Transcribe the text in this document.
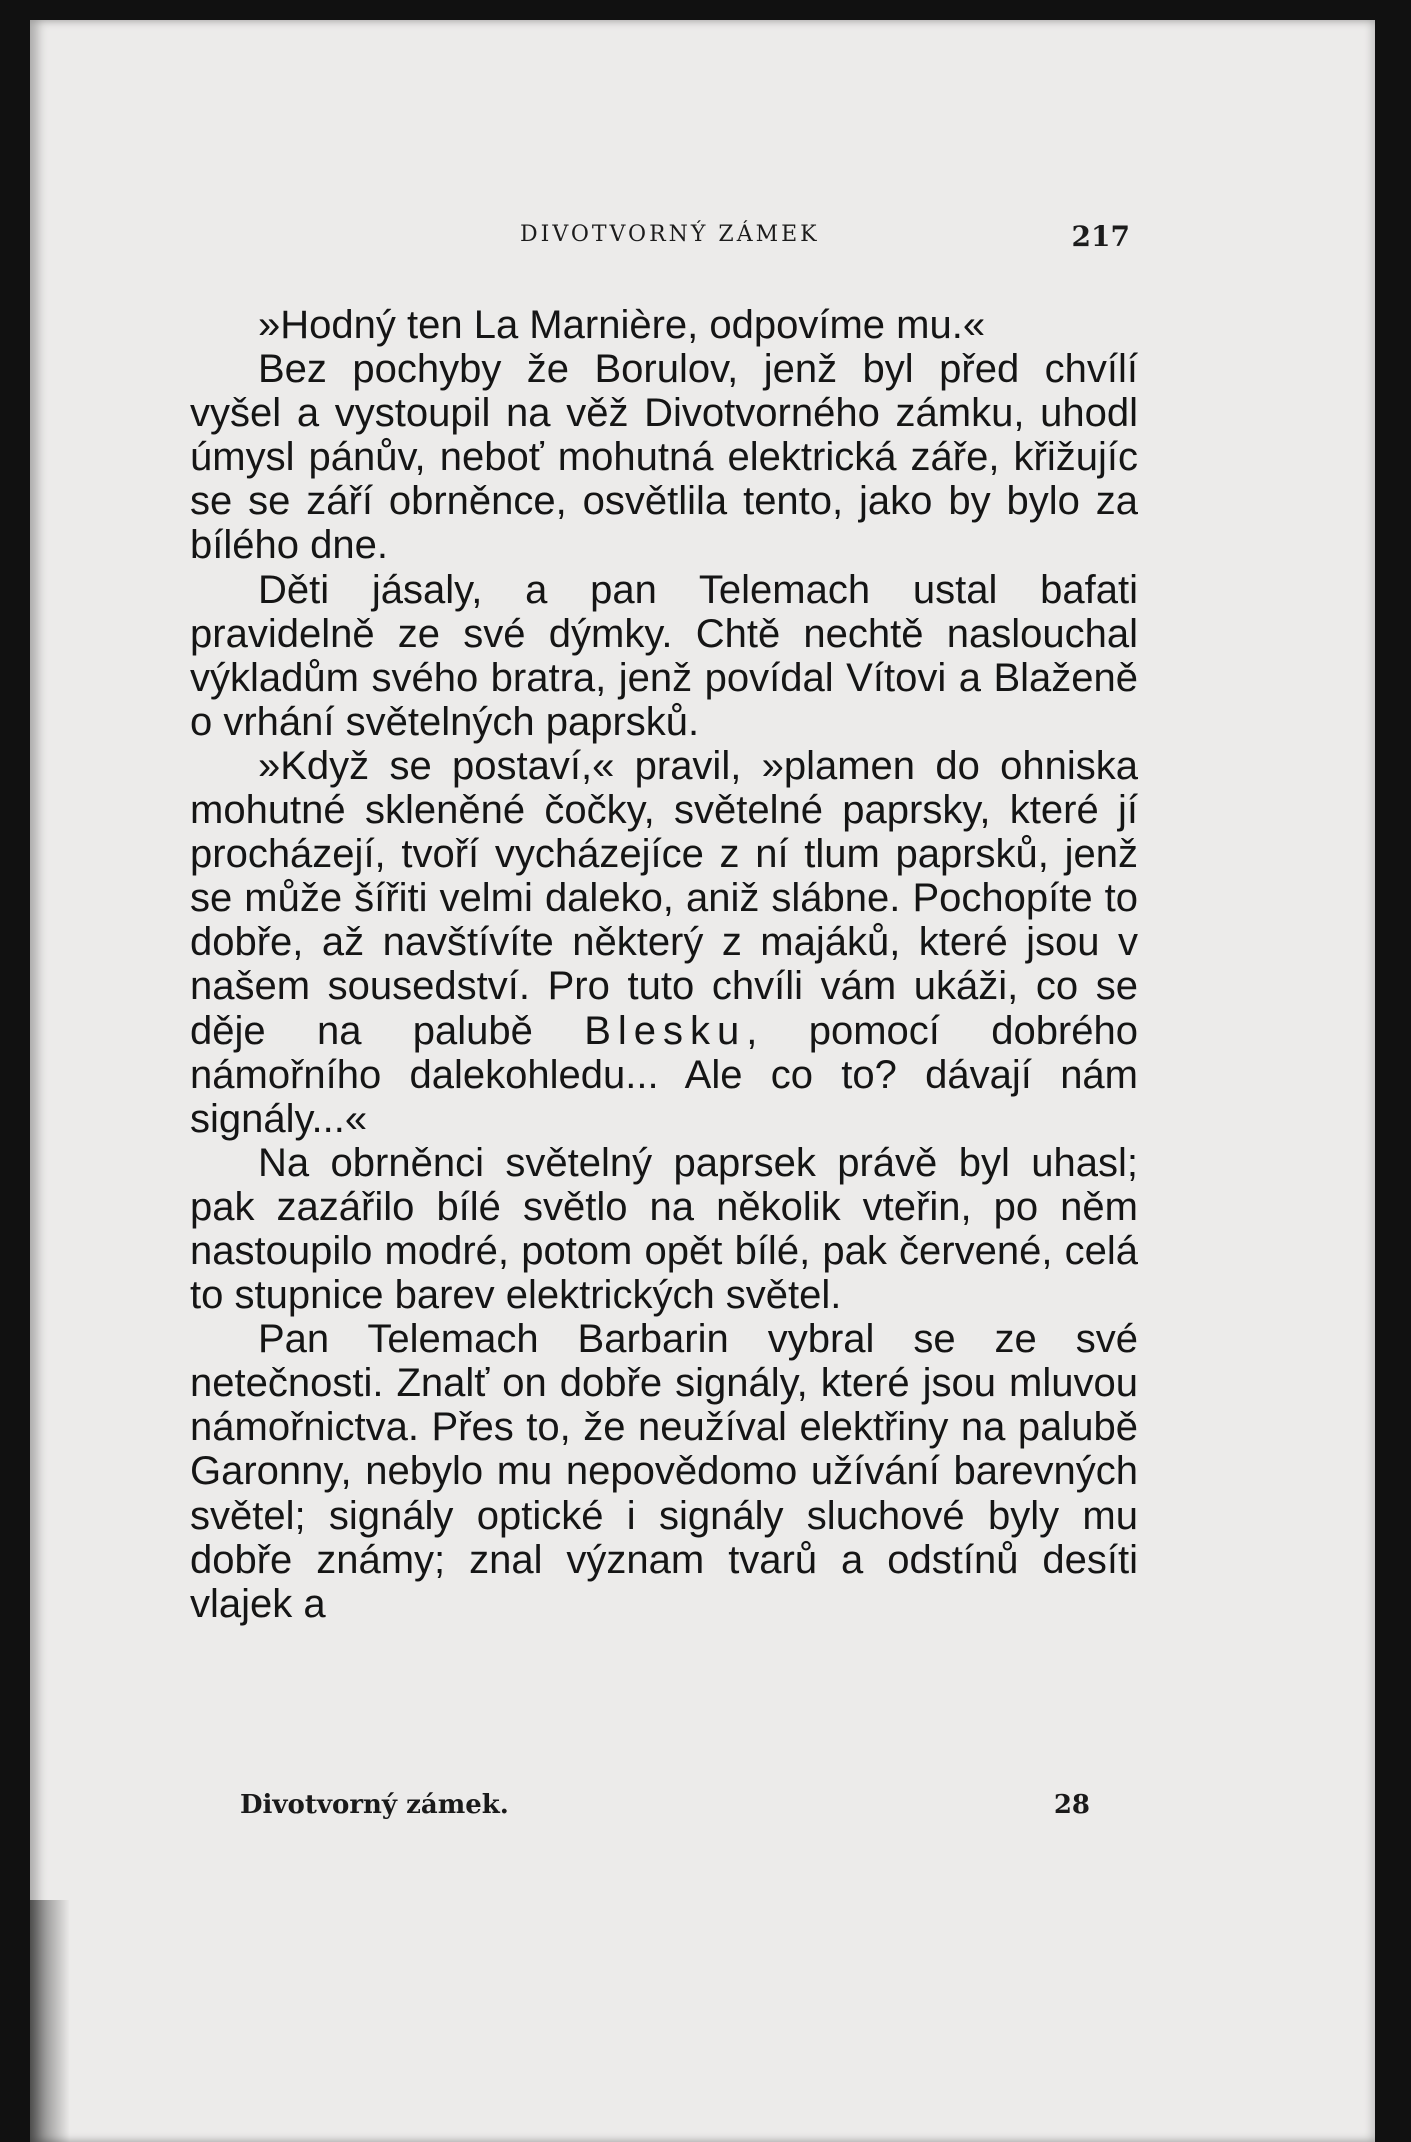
DIVOTVORNÝ ZÁMEK	217

»Hodný ten La Marnière, odpovíme mu.«

Bez pochyby že Borulov, jenž byl před chvílí vyšel a vystoupil na věž Divotvorného zámku, uhodl úmysl pánův, neboť mohutná elektrická záře, křižujíc se se září obrněnce, osvětlila tento, jako by bylo za bílého dne.

Děti jásaly, a pan Telemach ustal bafati pravidelně ze své dýmky. Chtě nechtě naslouchal výkladům svého bratra, jenž povídal Vítovi a Blaženě o vrhání světelných paprsků.

»Když se postaví,« pravil, »plamen do ohniska mohutné skleněné čočky, světelné paprsky, které jí procházejí, tvoří vycházejíce z ní tlum paprsků, jenž se může šířiti velmi daleko, aniž slábne. Pochopíte to dobře, až navštívíte některý z majáků, které jsou v našem sousedství. Pro tuto chvíli vám ukáži, co se děje na palubě Blesku, pomocí dobrého námořního dalekohledu... Ale co to? dávají nám signály...«

Na obrněnci světelný paprsek právě byl uhasl; pak zazářilo bílé světlo na několik vteřin, po něm nastoupilo modré, potom opět bílé, pak červené, celá to stupnice barev elektrických světel.

Pan Telemach Barbarin vybral se ze své netečnosti. Znalť on dobře signály, které jsou mluvou námořnictva. Přes to, že neužíval elektřiny na palubě Garonny, nebylo mu nepovědomo užívání barevných světel; signály optické i signály sluchové byly mu dobře známy; znal význam tvarů a odstínů desíti vlajek a

Divotvorný zámek.	28
